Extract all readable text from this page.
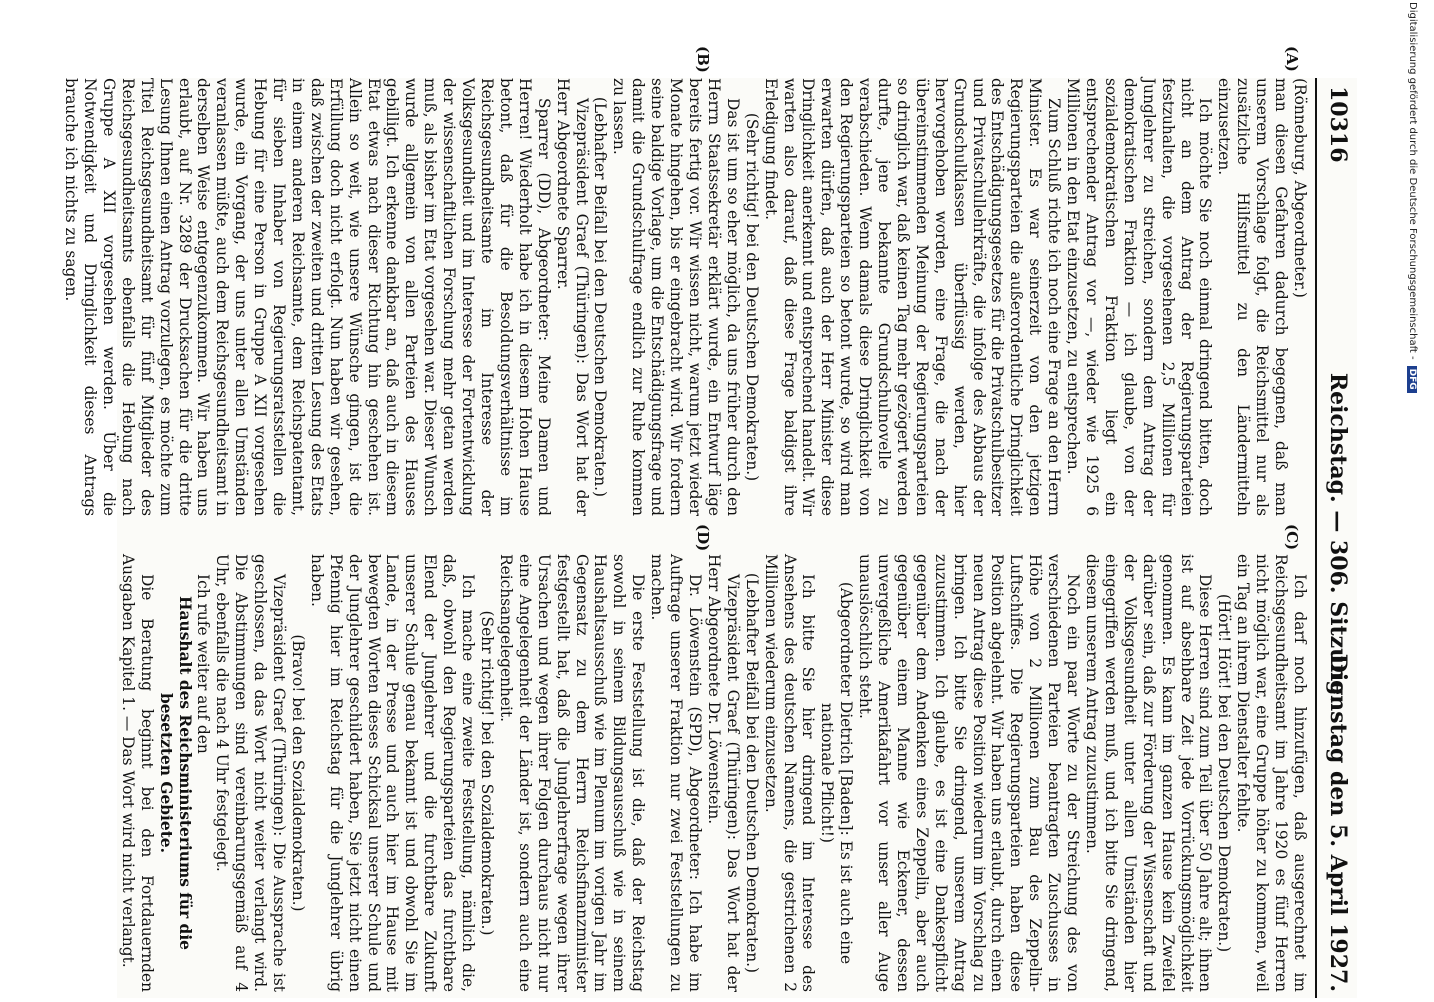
10316
Reichstag. — 306. Sitzung.
Dienstag den 5. April 1927.
(A)
(B)
(C)
(D)

(Rönneburg, Abgeordneter.)

man diesen Gefahren dadurch begegnen, daß man unserem Vorschlage folgt, die Reichsmittel nur als zusätzliche Hilfsmittel zu den Ländermitteln einzusetzen.

Ich möchte Sie noch einmal dringend bitten, doch nicht an dem Antrag der Regierungsparteien festzuhalten, die vorgesehenen 2,5 Millionen für Junglehrer zu streichen, sondern dem Antrag der demokratischen Fraktion — ich glaube, von der sozialdemokratischen Fraktion liegt ein entsprechender Antrag vor —, wieder wie 1925 6 Millionen in den Etat einzusetzen, zu entsprechen.

Zum Schluß richte ich noch eine Frage an den Herrn Minister. Es war seinerzeit von den jetzigen Regierungsparteien die außerordentliche Dringlichkeit des Entschädigungsgesetzes für die Privatschulbesitzer und Privatschullehrkräfte, die infolge des Abbaus der Grundschulklassen überflüssig werden, hier hervorgehoben worden, eine Frage, die nach der übereinstimmenden Meinung der Regierungsparteien so dringlich war, daß keinen Tag mehr gezögert werden durfte, jene bekannte Grundschulnovelle zu verabschieden. Wenn damals diese Dringlichkeit von den Regierungsparteien so betont wurde, so wird man erwarten dürfen, daß auch der Herr Minister diese Dringlichkeit anerkennt und entsprechend handelt. Wir warten also darauf, daß diese Frage baldigst ihre Erledigung findet.

(Sehr richtig! bei den Deutschen Demokraten.)

Das ist um so eher möglich, da uns früher durch den Herrn Staatssekretär erklärt wurde, ein Entwurf läge bereits fertig vor. Wir wissen nicht, warum jetzt wieder Monate hingehen, bis er eingebracht wird. Wir fordern seine baldige Vorlage, um die Entschädigungsfrage und damit die Grundschulfrage endlich zur Ruhe kommen zu lassen.

(Lebhafter Beifall bei den Deutschen Demokraten.)

Vizepräsident Graef (Thüringen): Das Wort hat der Herr Abgeordnete Sparrer.

Sparrer (DD), Abgeordneter: Meine Damen und Herren! Wiederholt habe ich in diesem Hohen Hause betont, daß für die Besoldungsverhältnisse im Reichsgesundheitsamte im Interesse der Volksgesundheit und im Interesse der Fortentwicklung der wissenschaftlichen Forschung mehr getan werden muß, als bisher im Etat vorgesehen war. Dieser Wunsch wurde allgemein von allen Parteien des Hauses gebilligt. Ich erkenne dankbar an, daß auch in diesem Etat etwas nach dieser Richtung hin geschehen ist. Allein so weit, wie unsere Wünsche gingen, ist die Erfüllung doch nicht erfolgt. Nun haben wir gesehen, daß zwischen der zweiten und dritten Lesung des Etats in einem anderen Reichsamte, dem Reichspatentamt, für sieben Inhaber von Regierungsratsstellen die Hebung für eine Person in Gruppe A XII vorgesehen wurde, ein Vorgang, der uns unter allen Umständen veranlassen müßte, auch dem Reichsgesundheitsamt in derselben Weise entgegenzukommen. Wir haben uns erlaubt, auf Nr. 3289 der Drucksachen für die dritte Lesung Ihnen einen Antrag vorzulegen, es möchte zum Titel Reichsgesundheitsamt für fünf Mitglieder des Reichsgesundheitsamts ebenfalls die Hebung nach Gruppe A XII vorgesehen werden. Über die Notwendigkeit und Dringlichkeit dieses Antrags brauche ich nichts zu sagen.

Ich darf noch hinzufügen, daß ausgerechnet im Reichsgesundheitsamt im Jahre 1920 es fünf Herren nicht möglich war, eine Gruppe höher zu kommen, weil ein Tag an ihrem Dienstalter fehlte.

(Hört! Hört! bei den Deutschen Demokraten.)

Diese Herren sind zum Teil über 50 Jahre alt; ihnen ist auf absehbare Zeit jede Vorrückungsmöglichkeit genommen. Es kann im ganzen Hause kein Zweifel darüber sein, daß zur Förderung der Wissenschaft und der Volksgesundheit unter allen Umständen hier eingegriffen werden muß, und ich bitte Sie dringend, diesem unserem Antrag zuzustimmen.

Noch ein paar Worte zu der Streichung des von verschiedenen Parteien beantragten Zuschusses in Höhe von 2 Millionen zum Bau des Zeppelin-Luftschiffes. Die Regierungsparteien haben diese Position abgelehnt. Wir haben uns erlaubt, durch einen neuen Antrag diese Position wiederum im Vorschlag zu bringen. Ich bitte Sie dringend, unserem Antrag zuzustimmen. Ich glaube, es ist eine Dankespflicht gegenüber dem Andenken eines Zeppelin, aber auch gegenüber einem Manne wie Eckener, dessen unvergeßliche Amerikafahrt vor unser aller Auge unauslöschlich steht.

(Abgeordneter Dietrich [Baden]: Es ist auch eine nationale Pflicht!)

Ich bitte Sie hier dringend im Interesse des Ansehens des deutschen Namens, die gestrichenen 2 Millionen wiederum einzusetzen.

(Lebhafter Beifall bei den Deutschen Demokraten.)

Vizepräsident Graef (Thüringen): Das Wort hat der Herr Abgeordnete Dr. Löwenstein.

Dr. Löwenstein (SPD), Abgeordneter: Ich habe im Auftrage unserer Fraktion nur zwei Feststellungen zu machen.

Die erste Feststellung ist die, daß der Reichstag sowohl in seinem Bildungsausschuß wie in seinem Haushaltsausschuß wie im Plenum im vorigen Jahr im Gegensatz zu dem Herrn Reichsfinanzminister festgestellt hat, daß die Junglehrerfrage wegen ihrer Ursachen und wegen ihrer Folgen durchaus nicht nur eine Angelegenheit der Länder ist, sondern auch eine Reichsangelegenheit.

(Sehr richtig! bei den Sozialdemokraten.)

Ich mache eine zweite Feststellung, nämlich die, daß, obwohl den Regierungsparteien das furchtbare Elend der Junglehrer und die furchtbare Zukunft unserer Schule genau bekannt ist und obwohl Sie im Lande, in der Presse und auch hier im Hause mit bewegten Worten dieses Schicksal unserer Schule und der Junglehrer geschildert haben, Sie jetzt nicht einen Pfennig hier im Reichstag für die Junglehrer übrig haben.

(Bravo! bei den Sozialdemokraten.)

Vizepräsident Graef (Thüringen): Die Aussprache ist geschlossen, da das Wort nicht weiter verlangt wird. Die Abstimmungen sind vereinbarungsgemäß auf 4 Uhr, ebenfalls die nach 4 Uhr festgelegt.

Ich rufe weiter auf den

Haushalt des Reichsministeriums für die besetzten Gebiete.

Die Beratung beginnt bei den Fortdauernden Ausgaben Kapitel 1. — Das Wort wird nicht verlangt.

Digitalisierung gefördert durch die Deutsche Forschungsgemeinschaft -DFG
